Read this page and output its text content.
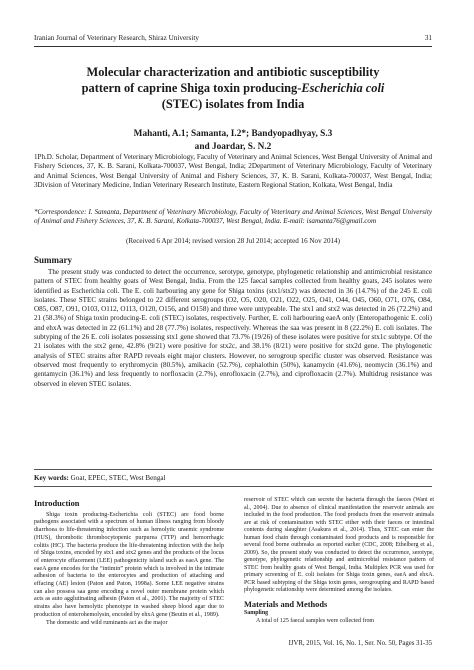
Iranian Journal of Veterinary Research, Shiraz University	31
Molecular characterization and antibiotic susceptibility
pattern of caprine Shiga toxin producing-Escherichia coli
(STEC) isolates from India
Mahanti, A.1; Samanta, I.2*; Bandyopadhyay, S.3
and Joardar, S. N.2
1Ph.D. Scholar, Department of Veterinary Microbiology, Faculty of Veterinary and Animal Sciences, West Bengal University of Animal and Fishery Sciences, 37, K. B. Sarani, Kolkata-700037, West Bengal, India; 2Department of Veterinary Microbiology, Faculty of Veterinary and Animal Sciences, West Bengal University of Animal and Fishery Sciences, 37, K. B. Sarani, Kolkata-700037, West Bengal, India; 3Division of Veterinary Medicine, Indian Veterinary Research Institute, Eastern Regional Station, Kolkata, West Bengal, India
*Correspondence: I. Samanta, Department of Veterinary Microbiology, Faculty of Veterinary and Animal Sciences, West Bengal University of Animal and Fishery Sciences, 37, K. B. Sarani, Kolkata-700037, West Bengal, India. E-mail: isamanta76@gmail.com
(Received 6 Apr 2014; revised version 28 Jul 2014; accepted 16 Nov 2014)
Summary
The present study was conducted to detect the occurrence, serotype, genotype, phylogenetic relationship and antimicrobial resistance pattern of STEC from healthy goats of West Bengal, India. From the 125 faecal samples collected from healthy goats, 245 isolates were identified as Escherichia coli. The E. coli harbouring any gene for Shiga toxins (stx1/stx2) was detected in 36 (14.7%) of the 245 E. coli isolates. These STEC strains belonged to 22 different serogroups (O2, O5, O20, O21, O22, O25, O41, O44, O45, O60, O71, O76, O84, O85, O87, O91, O103, O112, O113, O120, O156, and O158) and three were untypeable. The stx1 and stx2 was detected in 26 (72.2%) and 21 (58.3%) of Shiga toxin producing-E. coli (STEC) isolates, respectively. Further, E. coli harbouring eaeA only (Enteropathogenic E. coli) and ehxA was detected in 22 (61.1%) and 28 (77.7%) isolates, respectively. Whereas the saa was present in 8 (22.2%) E. coli isolates. The subtyping of the 26 E. coli isolates possessing stx1 gene showed that 73.7% (19/26) of these isolates were positive for stx1c subtype. Of the 21 isolates with the stx2 gene, 42.8% (9/21) were positive for stx2c, and 38.1% (8/21) were positive for stx2d gene. The phylogenetic analysis of STEC strains after RAPD reveals eight major clusters. However, no serogroup specific cluster was observed. Resistance was observed most frequently to erythromycin (80.5%), amikacin (52.7%), cephalothin (50%), kanamycin (41.6%), neomycin (36.1%) and gentamycin (36.1%) and less frequently to norfloxacin (2.7%), enrofloxacin (2.7%), and ciprofloxacin (2.7%). Multidrug resistance was observed in eleven STEC isolates.
Key words: Goat, EPEC, STEC, West Bengal
Introduction

Shiga toxin producing-Escherichia coli (STEC) are food borne pathogens associated with a spectrum of human illness ranging from bloody diarrhoea to life-threatening infection such as hemolytic uraemic syndrome (HUS), thrombotic thrombocytopenic purpurea (TTP) and hemorrhagic colitis (HC). The bacteria produce the life-threatening infection with the help of Shiga toxins, encoded by stx1 and stx2 genes and the products of the locus of enterocyte effacement (LEE) pathogenicity island such as eaeA gene. The eaeA gene encodes for the “intimin” protein which is involved in the intimate adhesion of bacteria to the enterocytes and production of attaching and effacing (AE) lesion (Paton and Paton, 1998a). Some LEE negative strains can also possess saa gene encoding a novel outer membrane protein which acts as auto agglutinating adhesin (Paton et al., 2001). The majority of STEC strains also have hemolytic phenotype in washed sheep blood agar due to production of enterohemolysin, encoded by ehxA gene (Beutin et al., 1989).

The domestic and wild ruminants act as the major

reservoir of STEC which can secrete the bacteria through the faeces (Wani et al., 2004). Due to absence of clinical manifestation the reservoir animals are included in the food production. The food products from the reservoir animals are at risk of contamination with STEC either with their faeces or intestinal contents during slaughter (Asakura et al., 2014). Thus, STEC can enter the human food chain through contaminated food products and is responsible for several food borne outbreaks as reported earlier (CDC, 2008; Ethelberg et al., 2009). So, the present study was conducted to detect the occurrence, serotype, genotype, phylogenetic relationship and antimicrobial resistance pattern of STEC from healthy goats of West Bengal, India. Multiplex PCR was used for primary screening of E. coli isolates for Shiga toxin genes, eaeA and ehxA. PCR based subtyping of the Shiga toxin genes, serogrouping and RAPD based phylogenetic relationship were determined among the isolates.

Materials and Methods
Sampling

A total of 125 faecal samples were collected from

IJVR, 2015, Vol. 16, No. 1, Ser. No. 50, Pages 31-35
